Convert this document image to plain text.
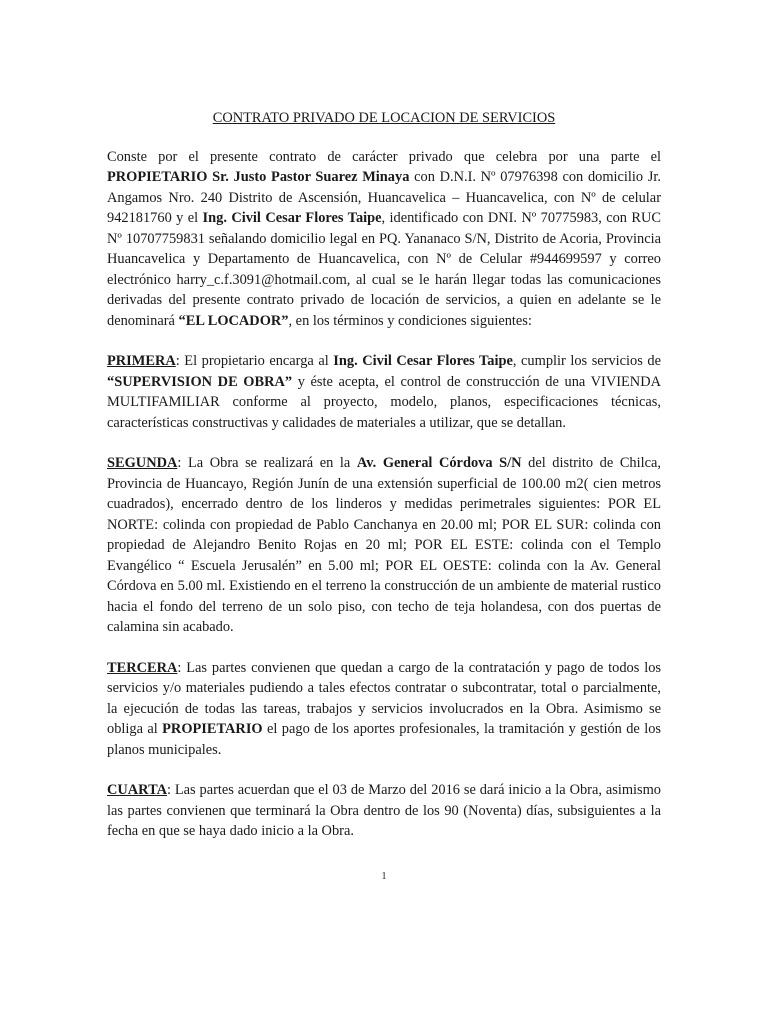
CONTRATO PRIVADO DE LOCACION DE SERVICIOS

Conste por el presente contrato de carácter privado que celebra por una parte el PROPIETARIO Sr. Justo Pastor Suarez Minaya con D.N.I. Nº 07976398 con domicilio Jr. Angamos Nro. 240 Distrito de Ascensión, Huancavelica – Huancavelica, con Nº de celular 942181760 y el Ing. Civil Cesar Flores Taipe, identificado con DNI. Nº 70775983, con RUC Nº 10707759831 señalando domicilio legal en PQ. Yananaco S/N, Distrito de Acoria, Provincia Huancavelica y Departamento de Huancavelica, con Nº de Celular #944699597 y correo electrónico harry_c.f.3091@hotmail.com, al cual se le harán llegar todas las comunicaciones derivadas del presente contrato privado de locación de servicios, a quien en adelante se le denominará “EL LOCADOR”, en los términos y condiciones siguientes:

PRIMERA: El propietario encarga al Ing. Civil Cesar Flores Taipe, cumplir los servicios de “SUPERVISION DE OBRA” y éste acepta, el control de construcción de una VIVIENDA MULTIFAMILIAR conforme al proyecto, modelo, planos, especificaciones técnicas, características constructivas y calidades de materiales a utilizar, que se detallan.

SEGUNDA: La Obra se realizará en la Av. General Córdova S/N del distrito de Chilca, Provincia de Huancayo, Región Junín de una extensión superficial de 100.00 m2( cien metros cuadrados), encerrado dentro de los linderos y medidas perimetrales siguientes: POR EL NORTE: colinda con propiedad de Pablo Canchanya en 20.00 ml; POR EL SUR: colinda con propiedad de Alejandro Benito Rojas en 20 ml; POR EL ESTE: colinda con el Templo Evangélico “ Escuela Jerusalén” en 5.00 ml; POR EL OESTE: colinda con la Av. General Córdova en 5.00 ml. Existiendo en el terreno la construcción de un ambiente de material rustico hacia el fondo del terreno de un solo piso, con techo de teja holandesa, con dos puertas de calamina sin acabado.

TERCERA: Las partes convienen que quedan a cargo de la contratación y pago de todos los servicios y/o materiales pudiendo a tales efectos contratar o subcontratar, total o parcialmente, la ejecución de todas las tareas, trabajos y servicios involucrados en la Obra. Asimismo se obliga al PROPIETARIO el pago de los aportes profesionales, la tramitación y gestión de los planos municipales.

CUARTA: Las partes acuerdan que el 03 de Marzo del 2016 se dará inicio a la Obra, asimismo las partes convienen que terminará la Obra dentro de los 90 (Noventa) días, subsiguientes a la fecha en que se haya dado inicio a la Obra.

1
